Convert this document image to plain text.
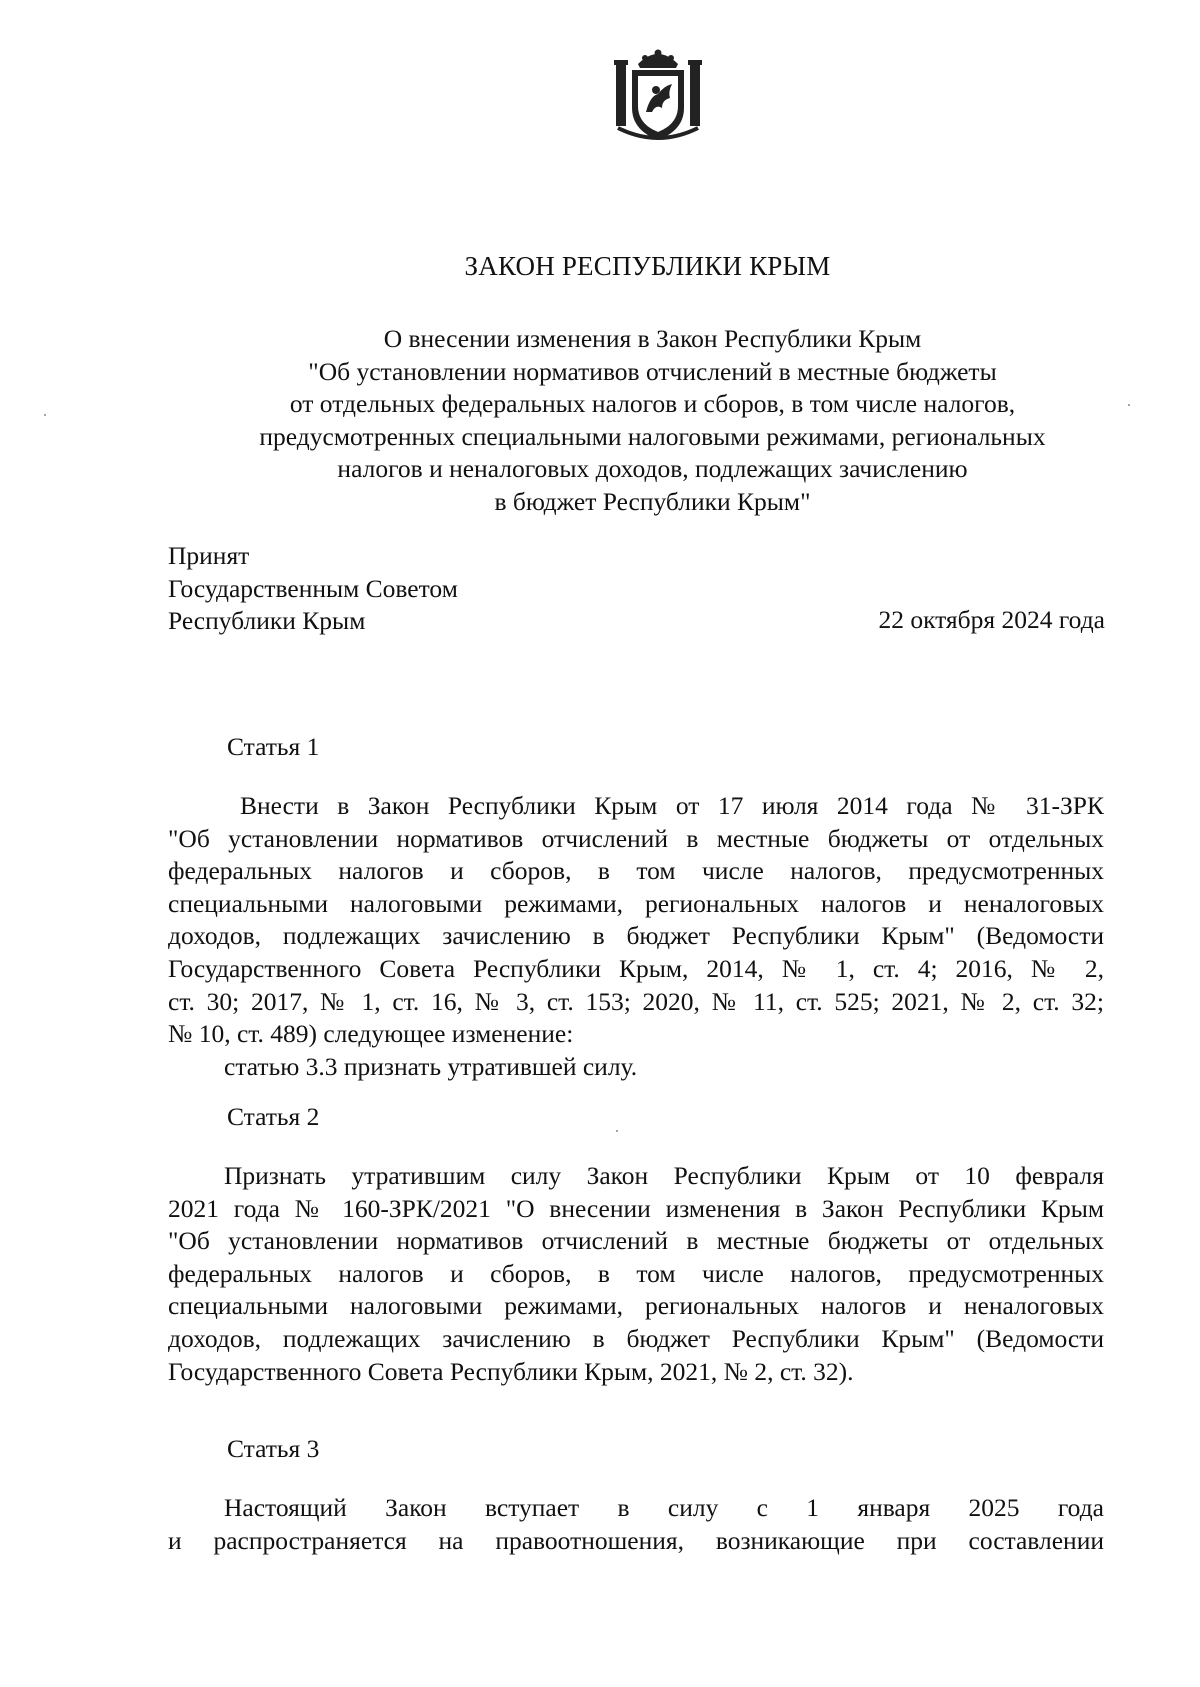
ЗАКОН РЕСПУБЛИКИ КРЫМ
О внесении изменения в Закон Республики Крым
"Об установлении нормативов отчислений в местные бюджеты
от отдельных федеральных налогов и сборов, в том числе налогов,
предусмотренных специальными налоговыми режимами, региональных
налогов и неналоговых доходов, подлежащих зачислению
в бюджет Республики Крым"
Принят
Государственным Советом
Республики Крым	22 октября 2024 года
Статья 1
Внести в Закон Республики Крым от 17 июля 2014 года № 31-ЗРК
"Об установлении нормативов отчислений в местные бюджеты от отдельных
федеральных налогов и сборов, в том числе налогов, предусмотренных
специальными налоговыми режимами, региональных налогов и неналоговых
доходов, подлежащих зачислению в бюджет Республики Крым" (Ведомости
Государственного Совета Республики Крым, 2014, № 1, ст. 4; 2016, № 2,
ст. 30; 2017, № 1, ст. 16, № 3, ст. 153; 2020, № 11, ст. 525; 2021, № 2, ст. 32;
№ 10, ст. 489) следующее изменение:
статью 3.3 признать утратившей силу.
Статья 2
Признать утратившим силу Закон Республики Крым от 10 февраля
2021 года № 160-ЗРК/2021 "О внесении изменения в Закон Республики Крым
"Об установлении нормативов отчислений в местные бюджеты от отдельных
федеральных налогов и сборов, в том числе налогов, предусмотренных
специальными налоговыми режимами, региональных налогов и неналоговых
доходов, подлежащих зачислению в бюджет Республики Крым" (Ведомости
Государственного Совета Республики Крым, 2021, № 2, ст. 32).
Статья 3
Настоящий Закон вступает в силу с 1 января 2025 года
и распространяется на правоотношения, возникающие при составлении
